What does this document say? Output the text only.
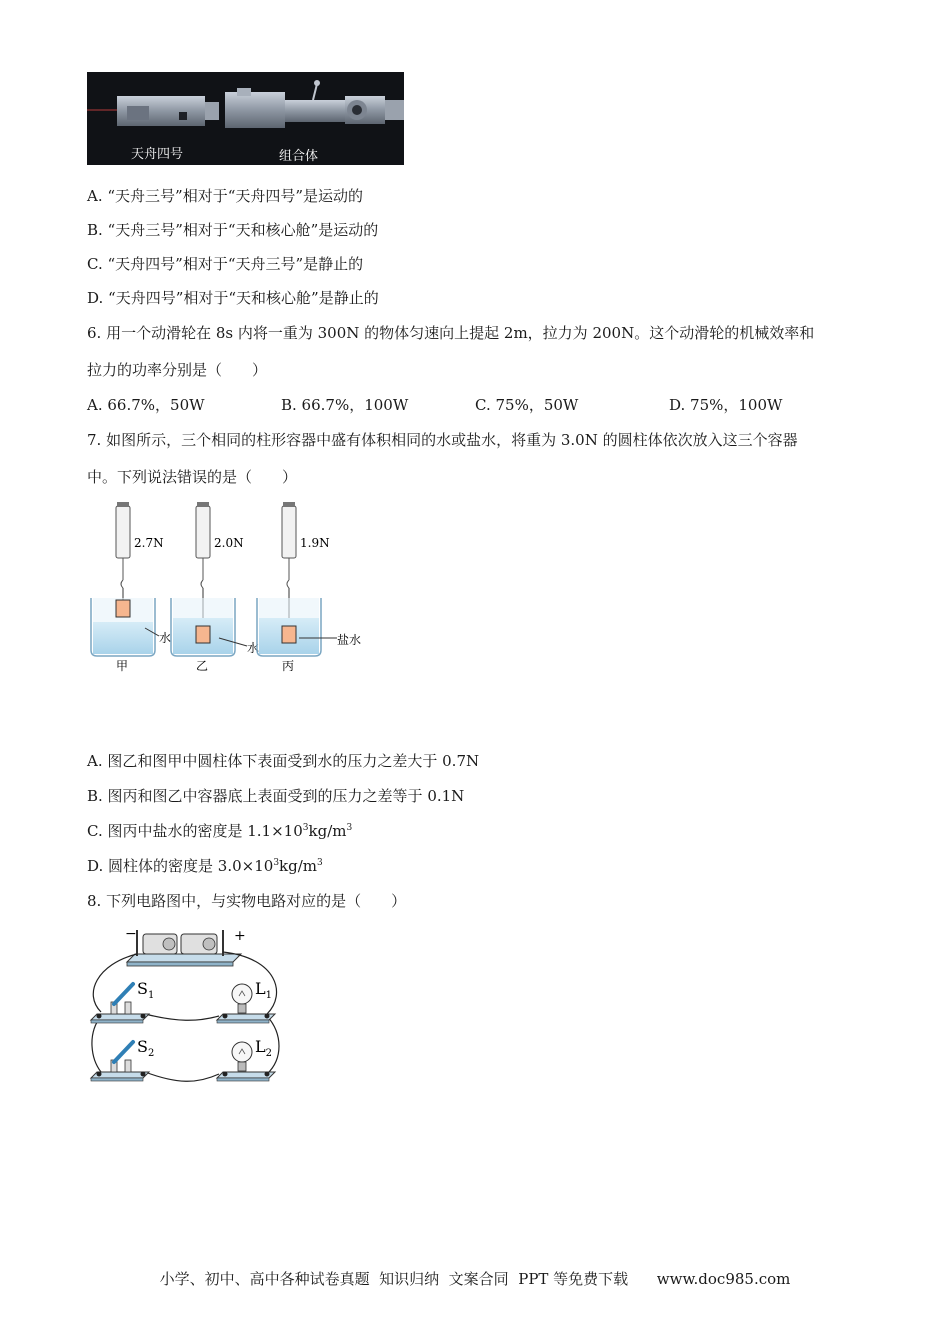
天舟四号	组合体
A. “天舟三号”相对于“天舟四号”是运动的
B. “天舟三号”相对于“天和核心舱”是运动的
C. “天舟四号”相对于“天舟三号”是静止的
D. “天舟四号”相对于“天和核心舱”是静止的
6. 用一个动滑轮在 8s 内将一重为 300N 的物体匀速向上提起 2m，拉力为 200N。这个动滑轮的机械效率和
拉力的功率分别是（　　）
A. 66.7%，50W	B. 66.7%，100W	C. 75%，50W	D. 75%，100W
7. 如图所示，三个相同的柱形容器中盛有体积相同的水或盐水，将重为 3.0N 的圆柱体依次放入这三个容器
中。下列说法错误的是（　　）
2.7N
水
甲
2.0N
水
乙
1.9N
盐水
丙
A. 图乙和图甲中圆柱体下表面受到水的压力之差大于 0.7N
B. 图丙和图乙中容器底上表面受到的压力之差等于 0.1N
C. 图丙中盐水的密度是 $1.1\times 10^3kg/m^3$
D. 圆柱体的密度是 $3.0\times 10^3kg/m^3$
8. 下列电路图中，与实物电路对应的是（　　）
−	+
$S_1$	$L_1$
$S_2$	$L_2$
小学、初中、高中各种试卷真题  知识归纳  文案合同  PPT 等免费下载      www.doc985.com
